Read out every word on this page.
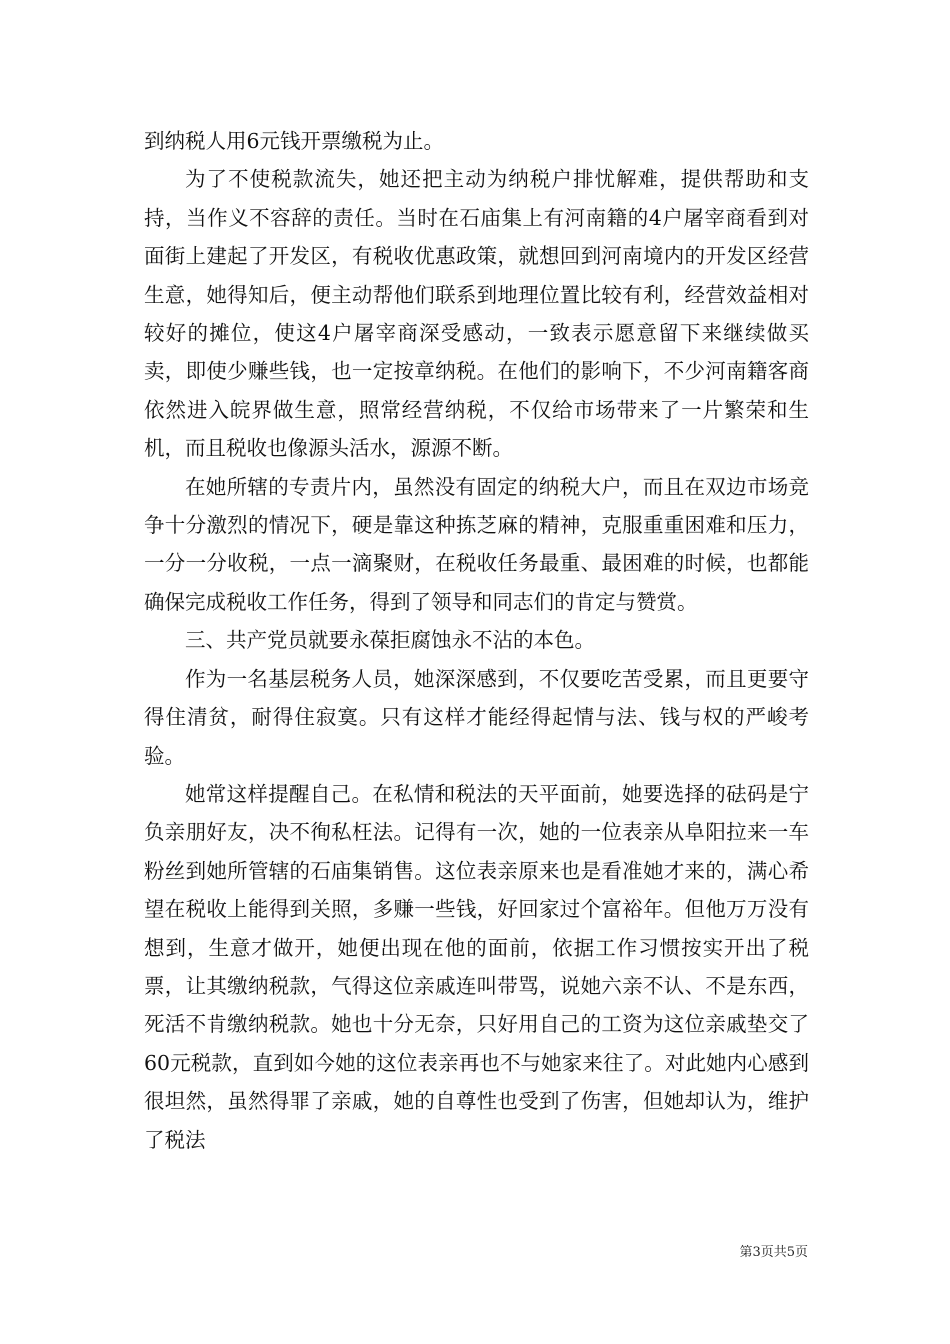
到纳税人用6元钱开票缴税为止。

为了不使税款流失，她还把主动为纳税户排忧解难，提供帮助和支持，当作义不容辞的责任。当时在石庙集上有河南籍的4户屠宰商看到对面街上建起了开发区，有税收优惠政策，就想回到河南境内的开发区经营生意，她得知后，便主动帮他们联系到地理位置比较有利，经营效益相对较好的摊位，使这4户屠宰商深受感动，一致表示愿意留下来继续做买卖，即使少赚些钱，也一定按章纳税。在他们的影响下，不少河南籍客商依然进入皖界做生意，照常经营纳税，不仅给市场带来了一片繁荣和生机，而且税收也像源头活水，源源不断。

在她所辖的专责片内，虽然没有固定的纳税大户，而且在双边市场竞争十分激烈的情况下，硬是靠这种拣芝麻的精神，克服重重困难和压力，一分一分收税，一点一滴聚财，在税收任务最重、最困难的时候，也都能确保完成税收工作任务，得到了领导和同志们的肯定与赞赏。

三、共产党员就要永葆拒腐蚀永不沾的本色。

作为一名基层税务人员，她深深感到，不仅要吃苦受累，而且更要守得住清贫，耐得住寂寞。只有这样才能经得起情与法、钱与权的严峻考验。

她常这样提醒自己。在私情和税法的天平面前，她要选择的砝码是宁负亲朋好友，决不徇私枉法。记得有一次，她的一位表亲从阜阳拉来一车粉丝到她所管辖的石庙集销售。这位表亲原来也是看准她才来的，满心希望在税收上能得到关照，多赚一些钱，好回家过个富裕年。但他万万没有想到，生意才做开，她便出现在他的面前，依据工作习惯按实开出了税票，让其缴纳税款，气得这位亲戚连叫带骂，说她六亲不认、不是东西，死活不肯缴纳税款。她也十分无奈，只好用自己的工资为这位亲戚垫交了60元税款，直到如今她的这位表亲再也不与她家来往了。对此她内心感到很坦然，虽然得罪了亲戚，她的自尊性也受到了伤害，但她却认为，维护了税法

第3页共5页
